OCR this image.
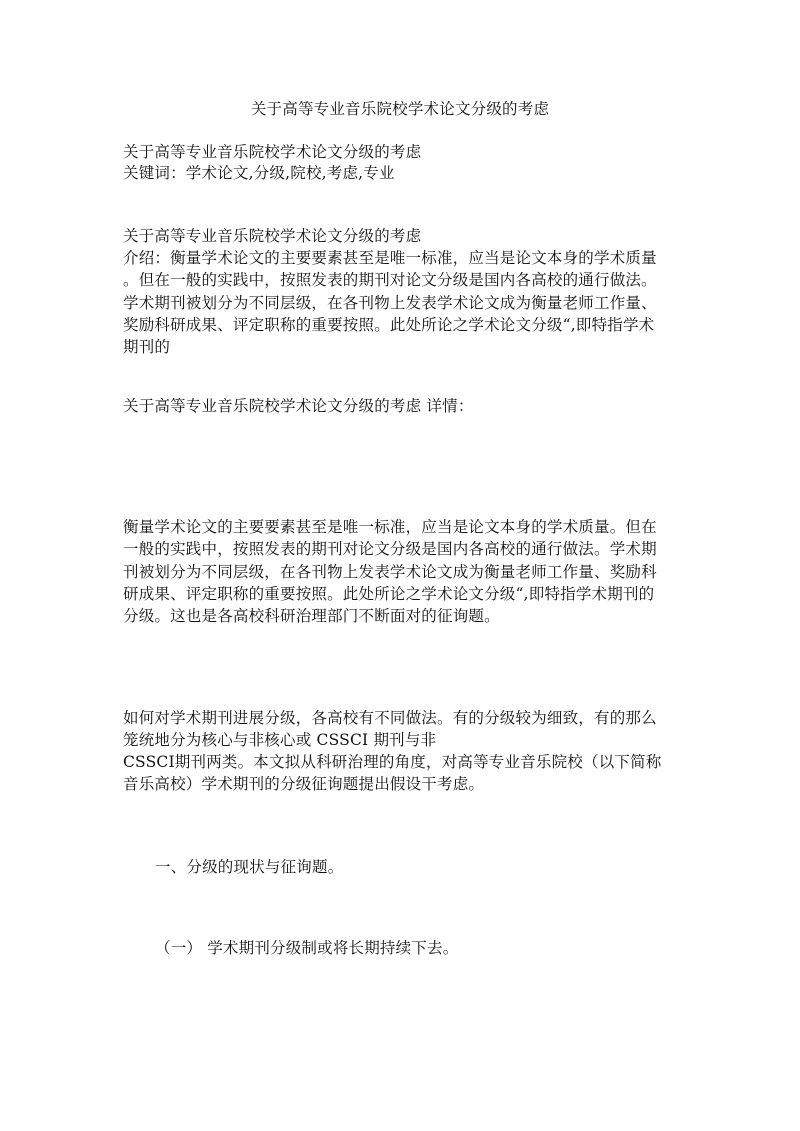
关于高等专业音乐院校学术论文分级的考虑
关于高等专业音乐院校学术论文分级的考虑
关键词：学术论文,分级,院校,考虑,专业
关于高等专业音乐院校学术论文分级的考虑
介绍：衡量学术论文的主要要素甚至是唯一标准，应当是论文本身的学术质量
。但在一般的实践中，按照发表的期刊对论文分级是国内各高校的通行做法。
学术期刊被划分为不同层级，在各刊物上发表学术论文成为衡量老师工作量、
奖励科研成果、评定职称的重要按照。此处所论之学术论文分级“,即特指学术
期刊的
关于高等专业音乐院校学术论文分级的考虑 详情：
衡量学术论文的主要要素甚至是唯一标准，应当是论文本身的学术质量。但在
一般的实践中，按照发表的期刊对论文分级是国内各高校的通行做法。学术期
刊被划分为不同层级，在各刊物上发表学术论文成为衡量老师工作量、奖励科
研成果、评定职称的重要按照。此处所论之学术论文分级“,即特指学术期刊的
分级。这也是各高校科研治理部门不断面对的征询题。
如何对学术期刊进展分级，各高校有不同做法。有的分级较为细致，有的那么
笼统地分为核心与非核心或 CSSCI 期刊与非
CSSCI期刊两类。本文拟从科研治理的角度，对高等专业音乐院校（以下简称
音乐高校）学术期刊的分级征询题提出假设干考虑。
一、分级的现状与征询题。
（一） 学术期刊分级制或将长期持续下去。
